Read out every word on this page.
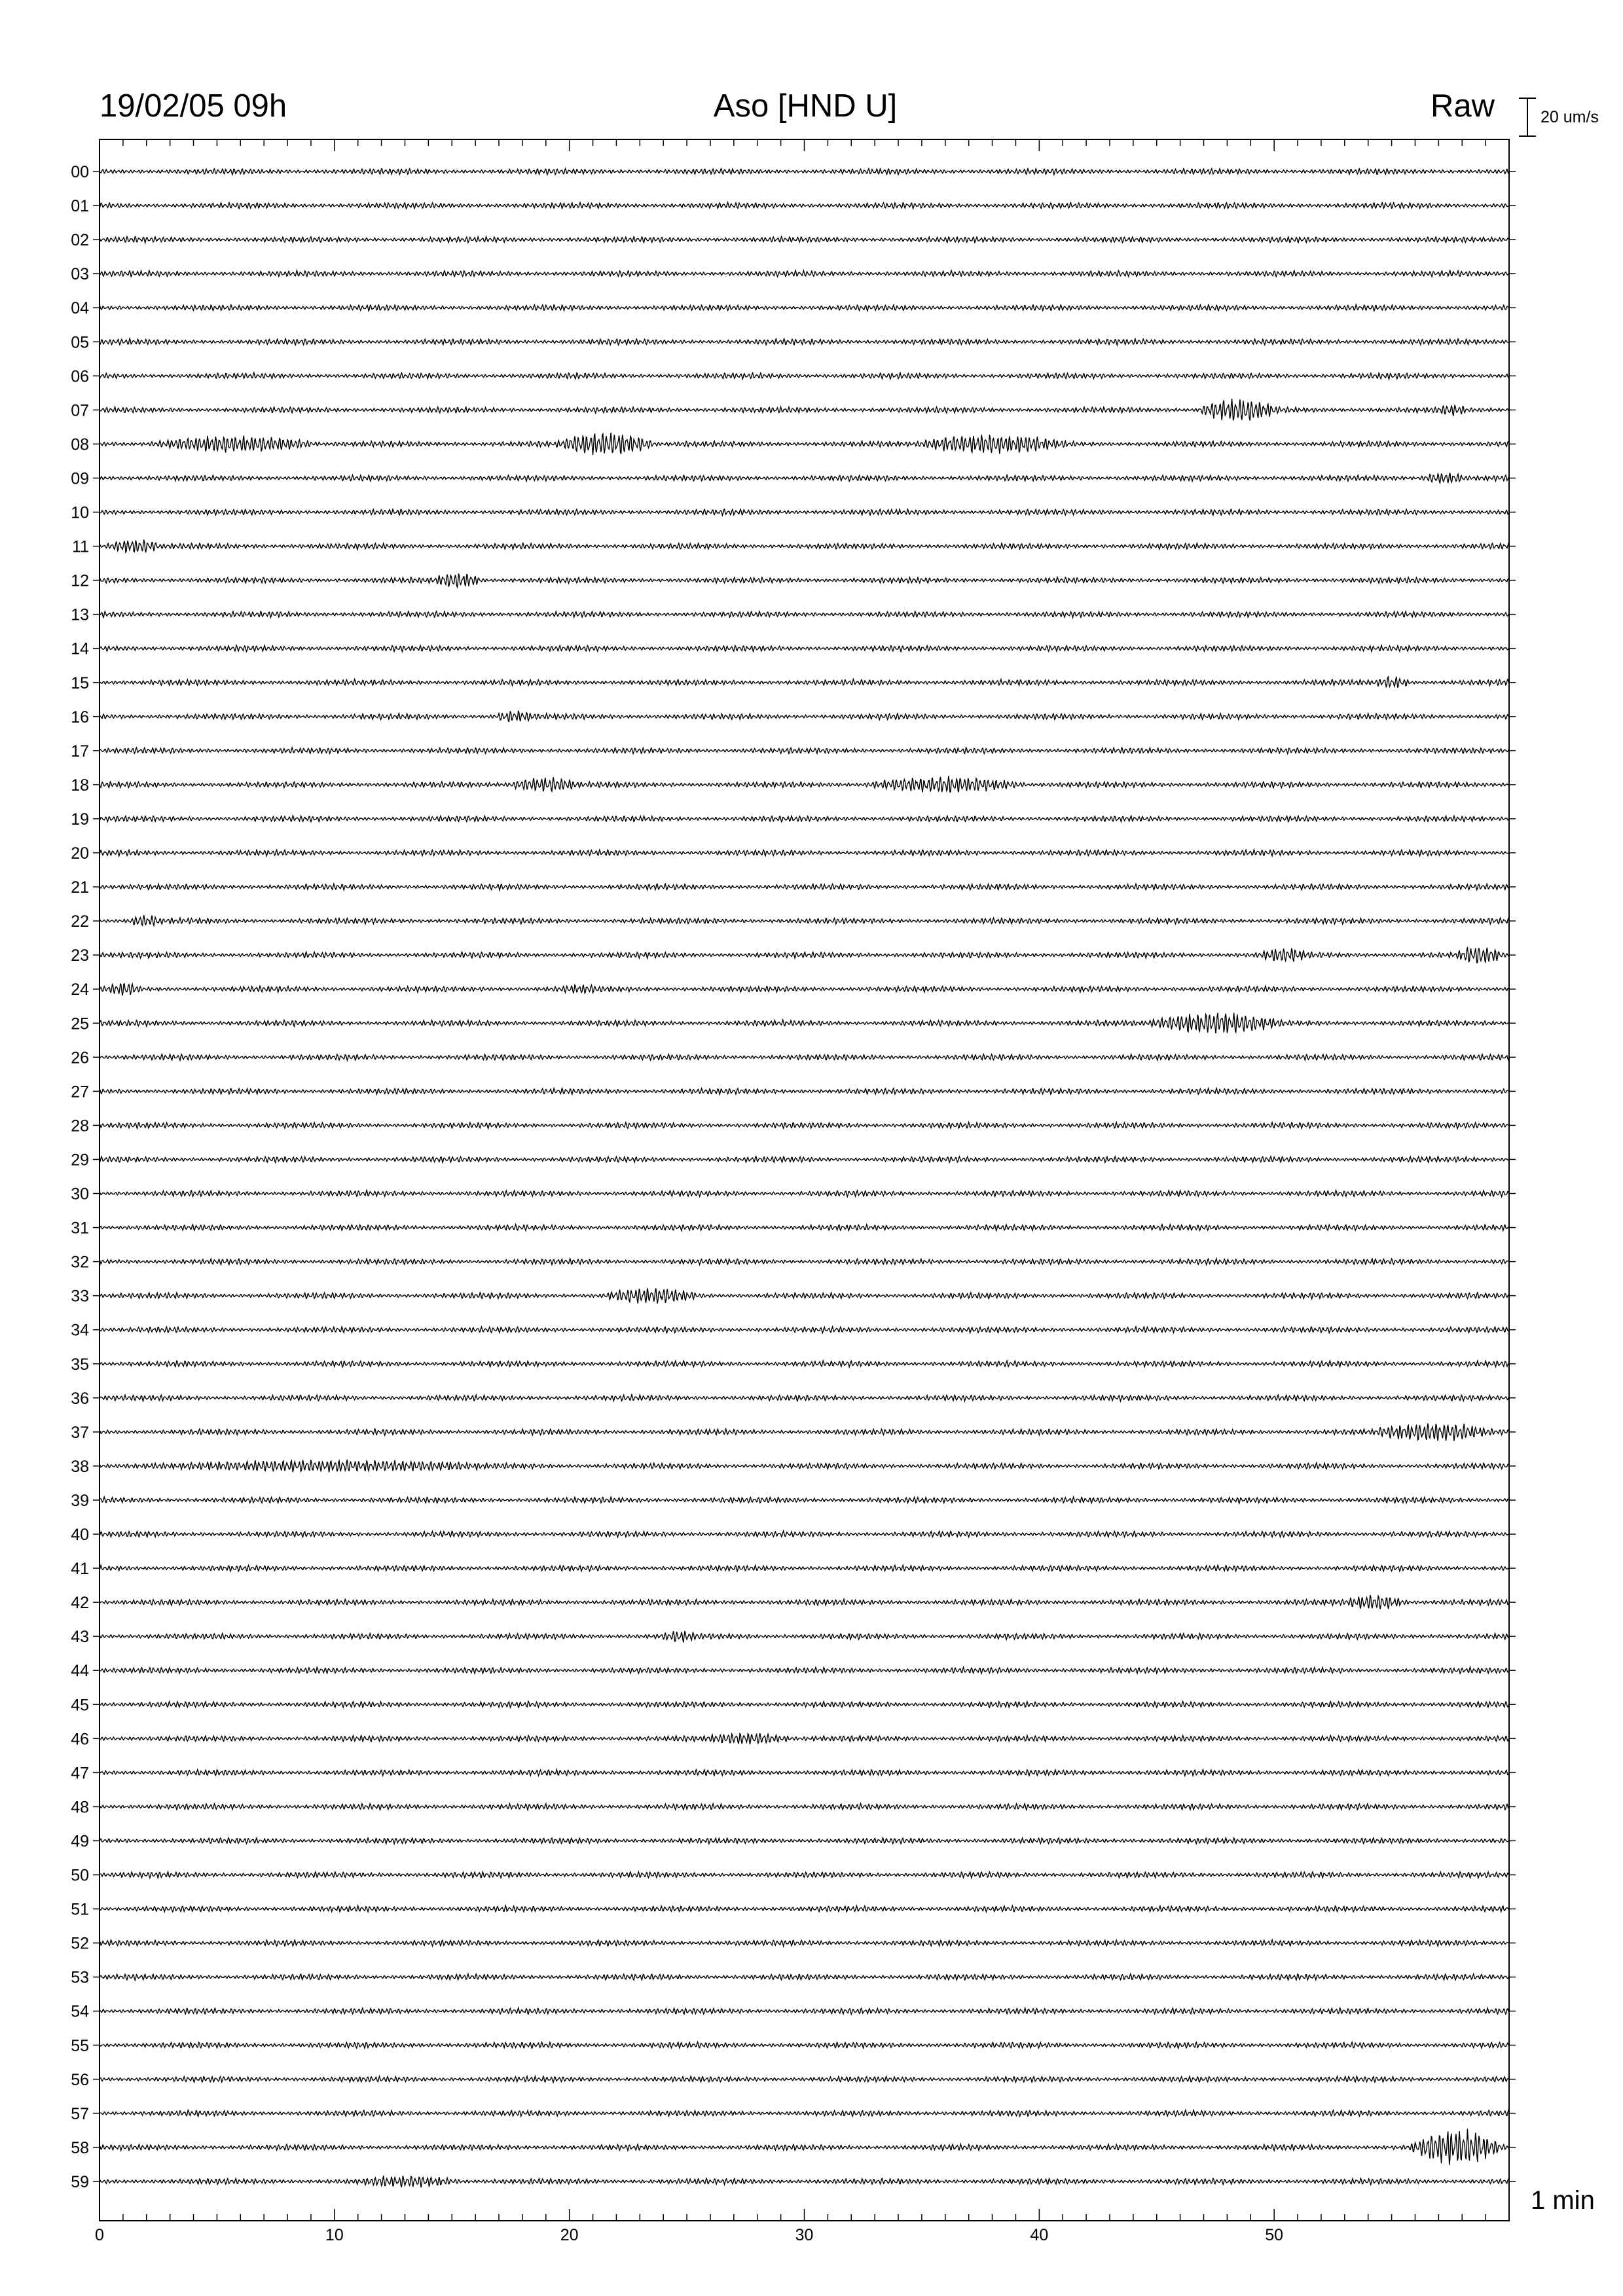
19/02/05 09h	Aso [HND U]	Raw	20 um/s
1 min
0	10	20	30	40	50
00
01
02
03
04
05
06
07
08
09
10
11
12
13
14
15
16
17
18
19
20
21
22
23
24
25
26
27
28
29
30
31
32
33
34
35
36
37
38
39
40
41
42
43
44
45
46
47
48
49
50
51
52
53
54
55
56
57
58
59
